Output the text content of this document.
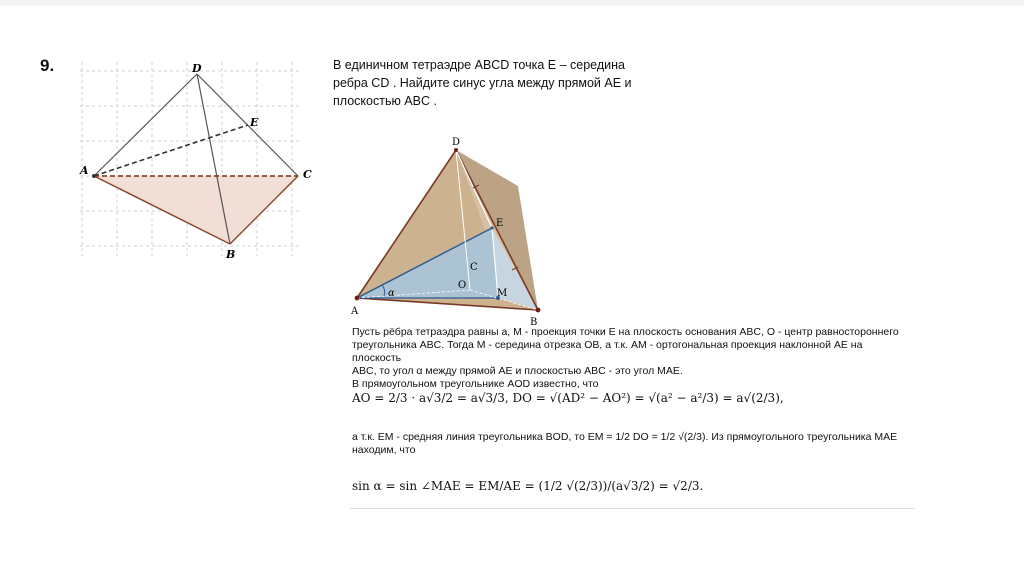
9.	D
A	C
B
E
В единичном тетраэдре ABCD точка E – середина ребра CD . Найдите синус угла между прямой AE и плоскостью ABC .
D
A
B
E
C
O
M
α
Пусть рёбра тетраэдра равны a, M - проекция точки E на плоскость основания ABC, O - центр равностороннего
треугольника ABC. Тогда M - середина отрезка OB, а т.к. AM - ортогональная проекция наклонной AE на плоскость
ABC, то угол α между прямой AE и плоскостью ABC - это угол MAE.
В прямоугольном треугольнике AOD известно, что
AO = 2/3 · a√3/2 = a√3/3, DO = √(AD² − AO²) = √(a² − a²/3) = a√(2/3),
а т.к. EM - средняя линия треугольника BOD, то EM = 1/2 DO = 1/2 √(2/3). Из прямоугольного треугольника MAE
находим, что
sin α = sin ∠MAE = EM/AE = (1/2 √(2/3))/(a√3/2) = √2/3.
